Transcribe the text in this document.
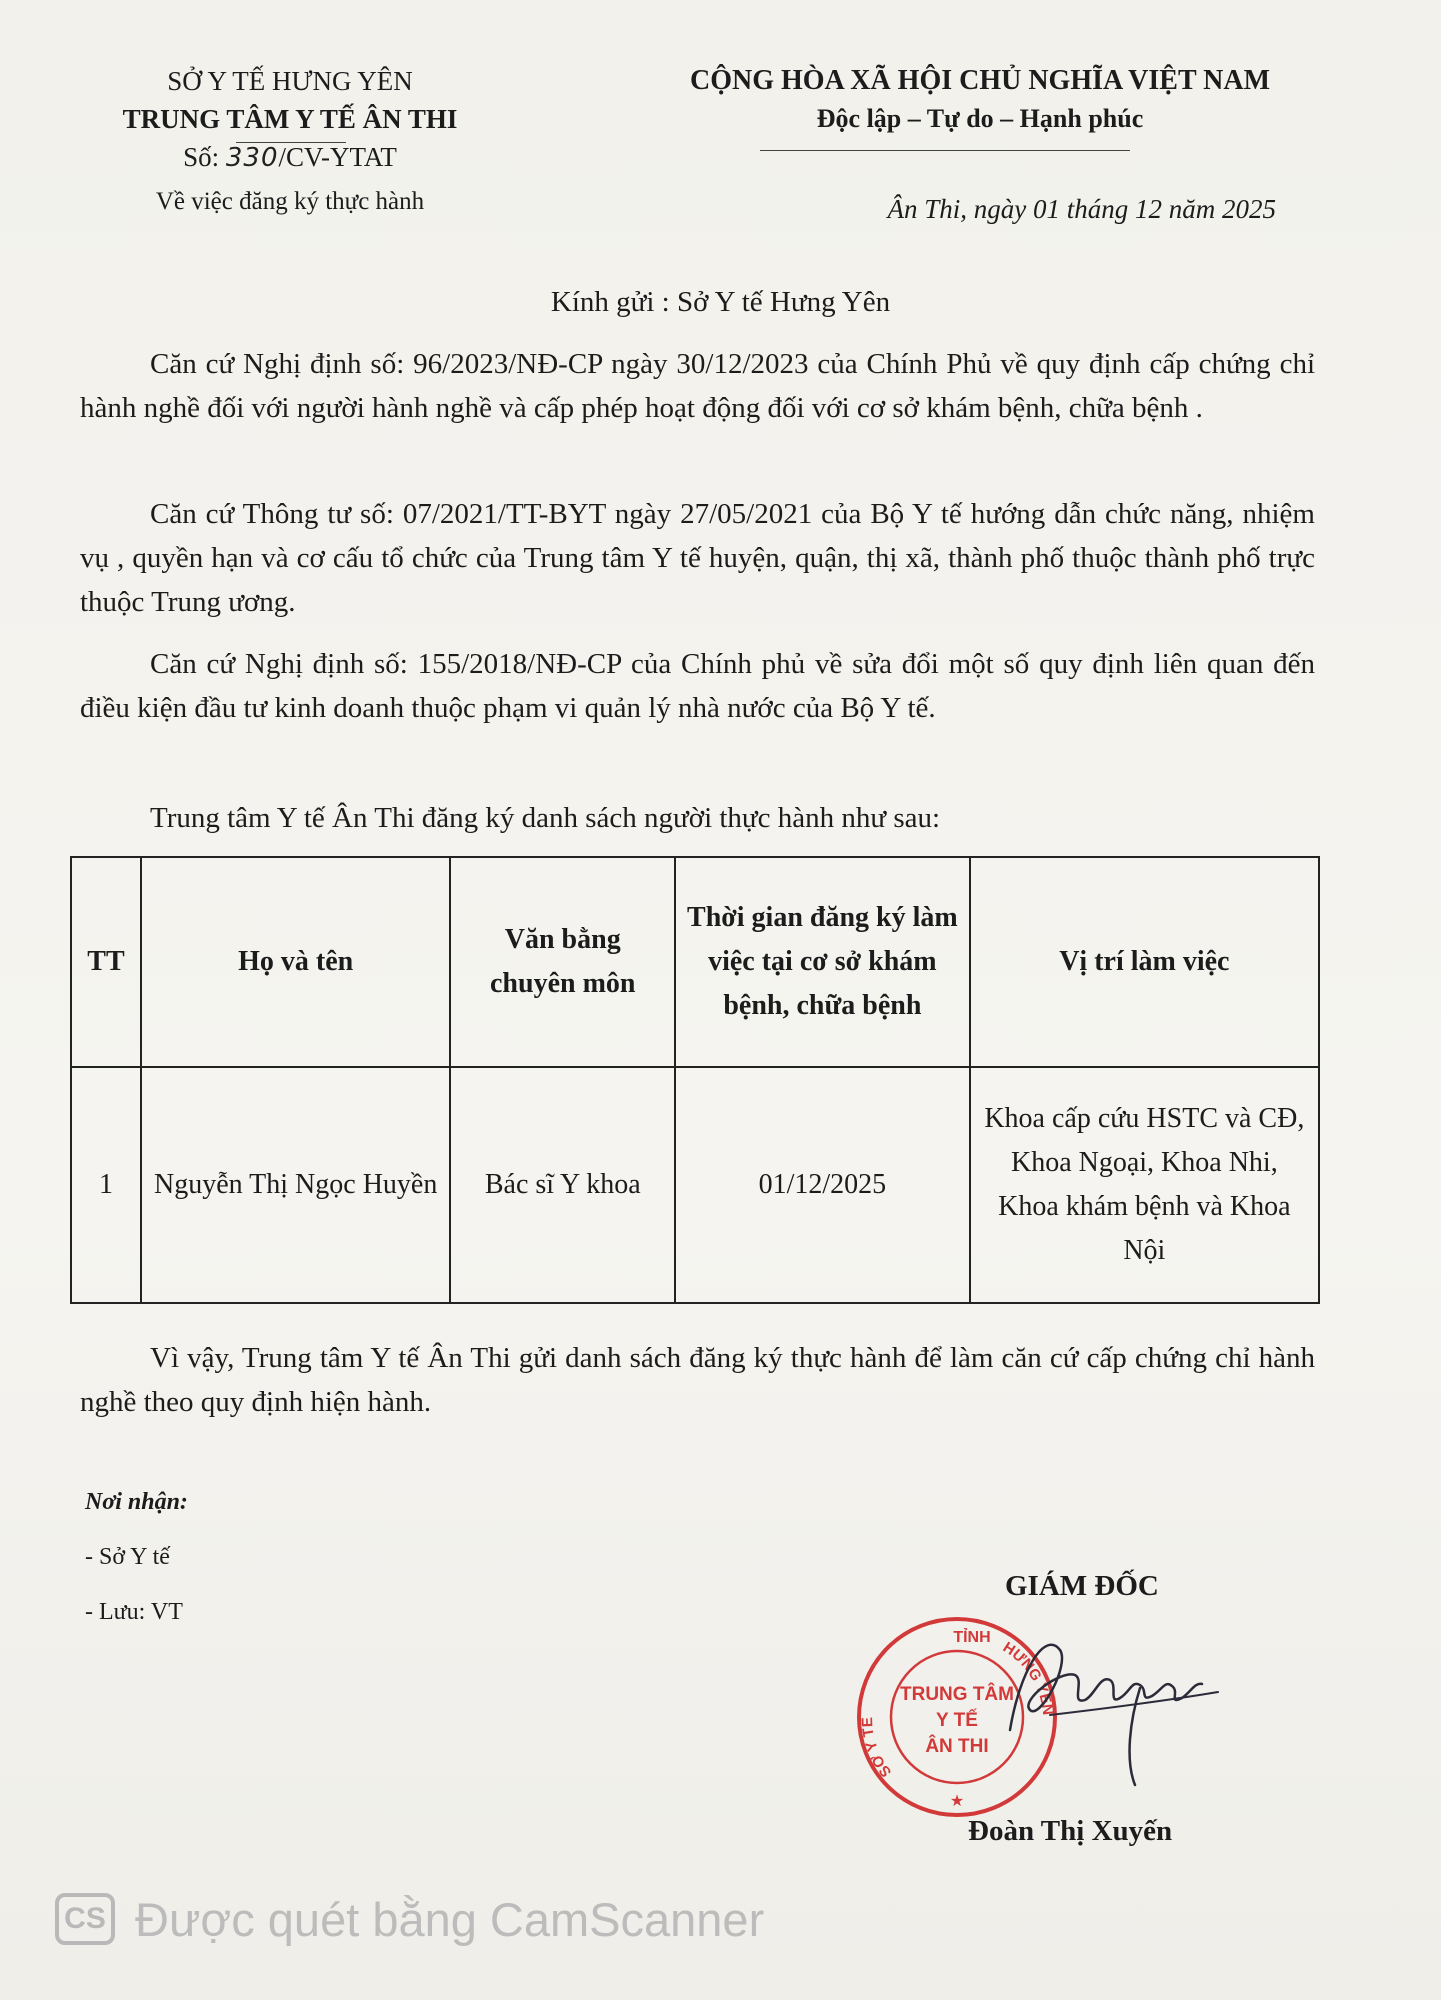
SỞ Y TẾ HƯNG YÊN
TRUNG TÂM Y TẾ ÂN THI
Số: 330/CV-YTAT
Về việc đăng ký thực hành
CỘNG HÒA XÃ HỘI CHỦ NGHĨA VIỆT NAM
Độc lập – Tự do – Hạnh phúc
Ân Thi, ngày 01 tháng 12 năm 2025
Kính gửi : Sở Y tế Hưng Yên
Căn cứ Nghị định số: 96/2023/NĐ-CP ngày 30/12/2023 của Chính Phủ về quy định cấp chứng chỉ hành nghề đối với người hành nghề và cấp phép hoạt động đối với cơ sở khám bệnh, chữa bệnh .
Căn cứ Thông tư số: 07/2021/TT-BYT ngày 27/05/2021 của Bộ Y tế hướng dẫn chức năng, nhiệm vụ , quyền hạn và cơ cấu tổ chức của Trung tâm Y tế huyện, quận, thị xã, thành phố thuộc thành phố trực thuộc Trung ương.
Căn cứ Nghị định số: 155/2018/NĐ-CP của Chính phủ về sửa đổi một số quy định liên quan đến điều kiện đầu tư kinh doanh thuộc phạm vi quản lý nhà nước của Bộ Y tế.
Trung tâm Y tế Ân Thi đăng ký danh sách người thực hành như sau:
TT	Họ và tên	Văn bằng chuyên môn	Thời gian đăng ký làm việc tại cơ sở khám bệnh, chữa bệnh	Vị trí làm việc
1	Nguyễn Thị Ngọc Huyền	Bác sĩ Y khoa	01/12/2025	Khoa cấp cứu HSTC và CĐ, Khoa Ngoại, Khoa Nhi, Khoa khám bệnh và Khoa Nội
Vì vậy, Trung tâm Y tế Ân Thi gửi danh sách đăng ký thực hành để làm căn cứ cấp chứng chỉ hành nghề theo quy định hiện hành.
Nơi nhận:
- Sở Y tế
- Lưu: VT
GIÁM ĐỐC
TỈNH
SỞ Y TẾ
HƯNG YÊN
TRUNG TÂM
Y TẾ
ÂN THI
★
Đoàn Thị Xuyến
CS Được quét bằng CamScanner
